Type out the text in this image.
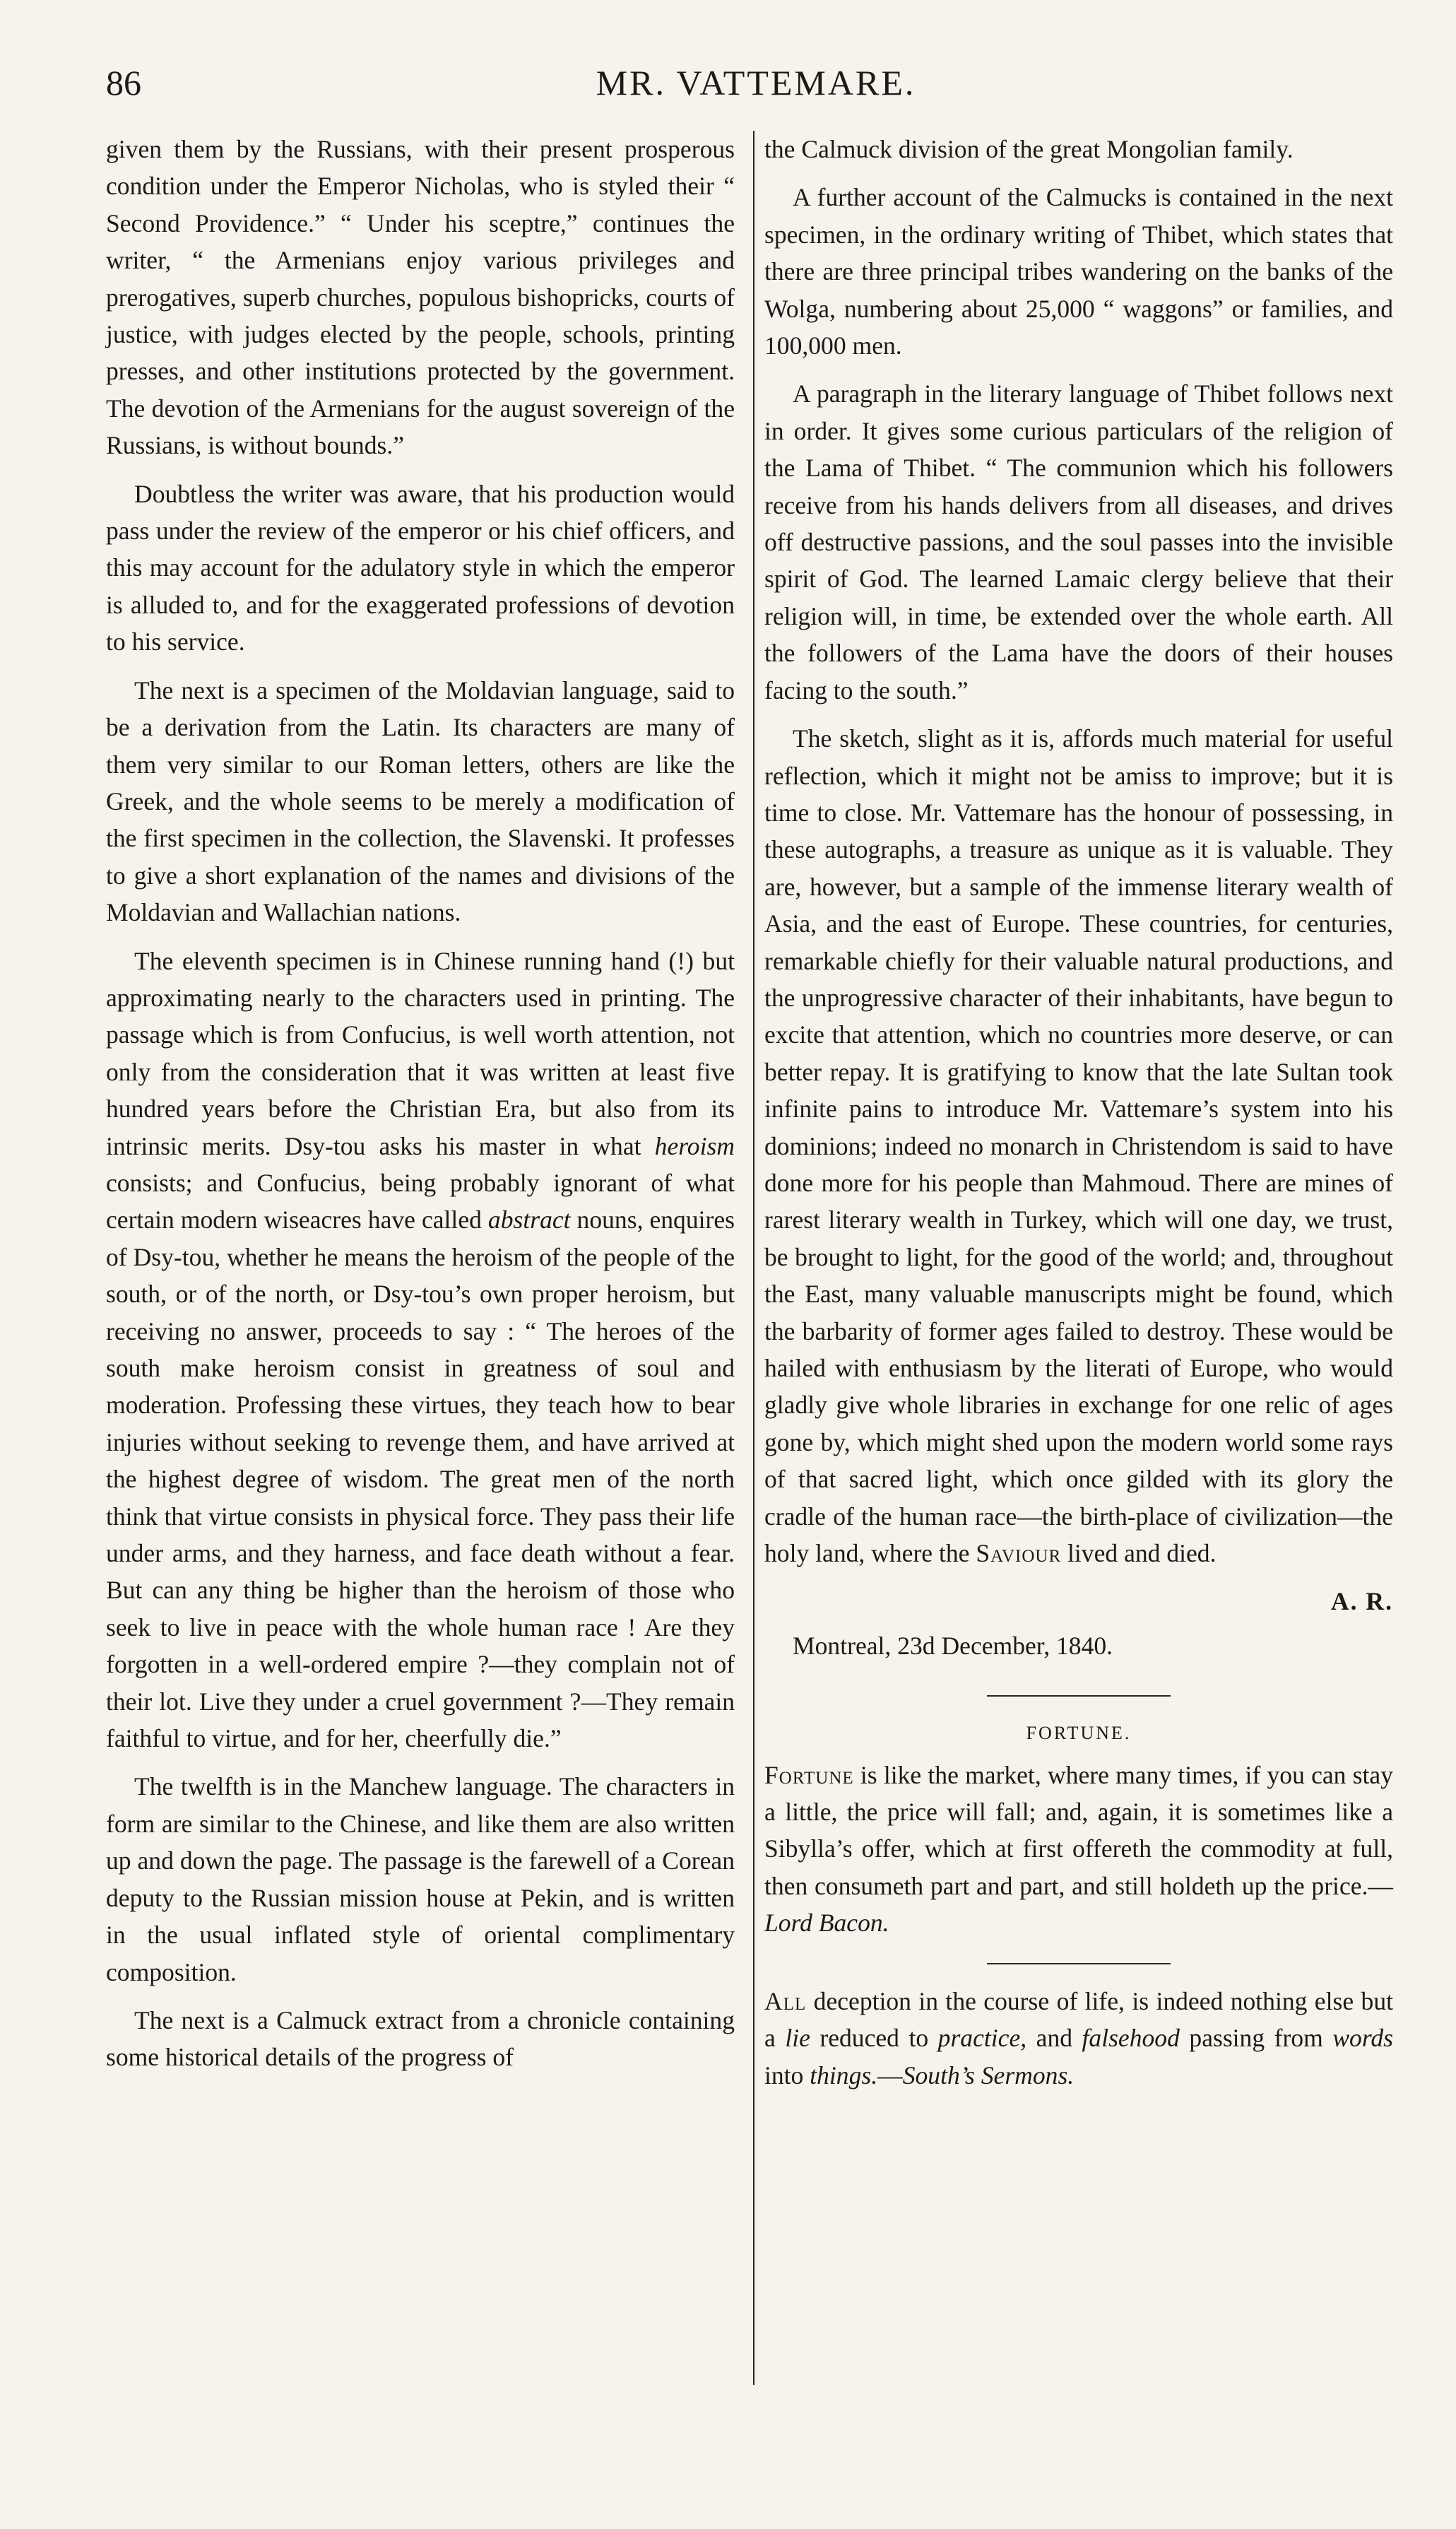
86	MR. VATTEMARE.

given them by the Russians, with their present prosperous condition under the Emperor Nicholas, who is styled their “ Second Providence.” “ Under his sceptre,” continues the writer, “ the Armenians enjoy various privileges and prerogatives, superb churches, populous bishopricks, courts of justice, with judges elected by the people, schools, printing presses, and other institutions protected by the government. The devotion of the Armenians for the august sovereign of the Russians, is without bounds.”

Doubtless the writer was aware, that his production would pass under the review of the emperor or his chief officers, and this may account for the adulatory style in which the emperor is alluded to, and for the exaggerated professions of devotion to his service.

The next is a specimen of the Moldavian language, said to be a derivation from the Latin. Its characters are many of them very similar to our Roman letters, others are like the Greek, and the whole seems to be merely a modification of the first specimen in the collection, the Slavenski. It professes to give a short explanation of the names and divisions of the Moldavian and Wallachian nations.

The eleventh specimen is in Chinese running hand (!) but approximating nearly to the characters used in printing. The passage which is from Confucius, is well worth attention, not only from the consideration that it was written at least five hundred years before the Christian Era, but also from its intrinsic merits. Dsy-tou asks his master in what heroism consists; and Confucius, being probably ignorant of what certain modern wiseacres have called abstract nouns, enquires of Dsy-tou, whether he means the heroism of the people of the south, or of the north, or Dsy-tou’s own proper heroism, but receiving no answer, proceeds to say : “ The heroes of the south make heroism consist in greatness of soul and moderation. Professing these virtues, they teach how to bear injuries without seeking to revenge them, and have arrived at the highest degree of wisdom. The great men of the north think that virtue consists in physical force. They pass their life under arms, and they harness, and face death without a fear. But can any thing be higher than the heroism of those who seek to live in peace with the whole human race ! Are they forgotten in a well-ordered empire ?—they complain not of their lot. Live they under a cruel government ?—They remain faithful to virtue, and for her, cheerfully die.”

The twelfth is in the Manchew language. The characters in form are similar to the Chinese, and like them are also written up and down the page. The passage is the farewell of a Corean deputy to the Russian mission house at Pekin, and is written in the usual inflated style of oriental complimentary composition.

The next is a Calmuck extract from a chronicle containing some historical details of the progress of

the Calmuck division of the great Mongolian family.

A further account of the Calmucks is contained in the next specimen, in the ordinary writing of Thibet, which states that there are three principal tribes wandering on the banks of the Wolga, numbering about 25,000 “ waggons” or families, and 100,000 men.

A paragraph in the literary language of Thibet follows next in order. It gives some curious particulars of the religion of the Lama of Thibet. “ The communion which his followers receive from his hands delivers from all diseases, and drives off destructive passions, and the soul passes into the invisible spirit of God. The learned Lamaic clergy believe that their religion will, in time, be extended over the whole earth. All the followers of the Lama have the doors of their houses facing to the south.”

The sketch, slight as it is, affords much material for useful reflection, which it might not be amiss to improve; but it is time to close. Mr. Vattemare has the honour of possessing, in these autographs, a treasure as unique as it is valuable. They are, however, but a sample of the immense literary wealth of Asia, and the east of Europe. These countries, for centuries, remarkable chiefly for their valuable natural productions, and the unprogressive character of their inhabitants, have begun to excite that attention, which no countries more deserve, or can better repay. It is gratifying to know that the late Sultan took infinite pains to introduce Mr. Vattemare’s system into his dominions; indeed no monarch in Christendom is said to have done more for his people than Mahmoud. There are mines of rarest literary wealth in Turkey, which will one day, we trust, be brought to light, for the good of the world; and, throughout the East, many valuable manuscripts might be found, which the barbarity of former ages failed to destroy. These would be hailed with enthusiasm by the literati of Europe, who would gladly give whole libraries in exchange for one relic of ages gone by, which might shed upon the modern world some rays of that sacred light, which once gilded with its glory the cradle of the human race—the birth-place of civilization—the holy land, where the Saviour lived and died.

A. R.
Montreal, 23d December, 1840.
FORTUNE.

Fortune is like the market, where many times, if you can stay a little, the price will fall; and, again, it is sometimes like a Sibylla’s offer, which at first offereth the commodity at full, then consumeth part and part, and still holdeth up the price.—Lord Bacon.

All deception in the course of life, is indeed nothing else but a lie reduced to practice, and falsehood passing from words into things.—South’s Sermons.
